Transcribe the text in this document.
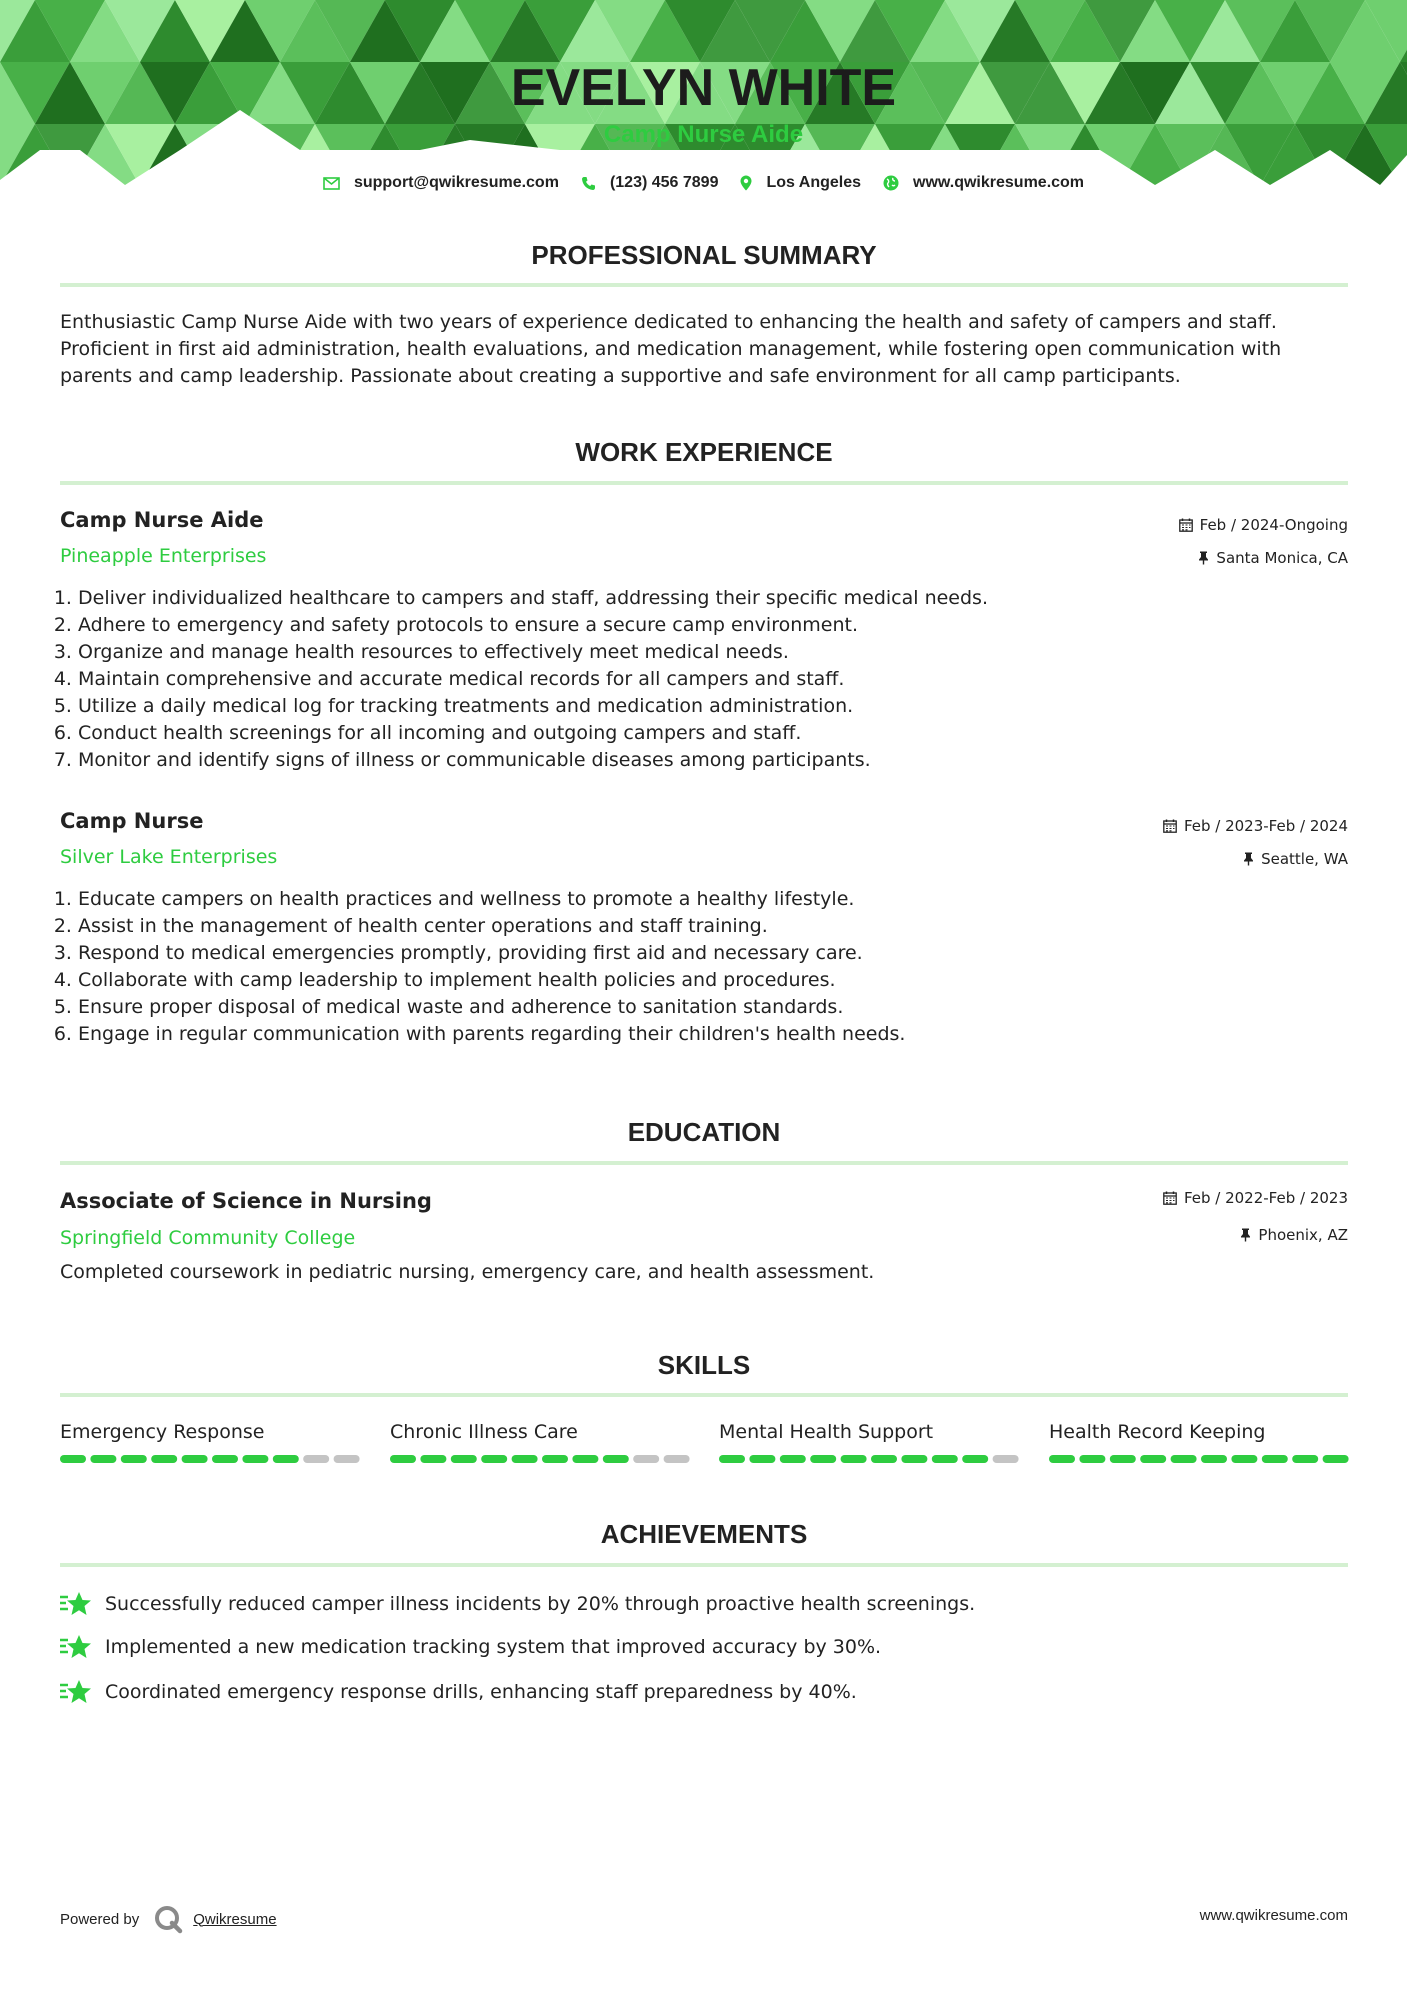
EVELYN WHITE
Camp Nurse Aide
support@qwikresume.com	(123) 456 7899	Los Angeles	www.qwikresume.com
PROFESSIONAL SUMMARY
Enthusiastic Camp Nurse Aide with two years of experience dedicated to enhancing the health and safety of campers and staff. Proficient in first aid administration, health evaluations, and medication management, while fostering open communication with parents and camp leadership. Passionate about creating a supportive and safe environment for all camp participants.
WORK EXPERIENCE
Camp Nurse Aide
Pineapple Enterprises
Feb / 2024-Ongoing
Santa Monica, CA
1. Deliver individualized healthcare to campers and staff, addressing their specific medical needs.
2. Adhere to emergency and safety protocols to ensure a secure camp environment.
3. Organize and manage health resources to effectively meet medical needs.
4. Maintain comprehensive and accurate medical records for all campers and staff.
5. Utilize a daily medical log for tracking treatments and medication administration.
6. Conduct health screenings for all incoming and outgoing campers and staff.
7. Monitor and identify signs of illness or communicable diseases among participants.
Camp Nurse
Silver Lake Enterprises
Feb / 2023-Feb / 2024
Seattle, WA
1. Educate campers on health practices and wellness to promote a healthy lifestyle.
2. Assist in the management of health center operations and staff training.
3. Respond to medical emergencies promptly, providing first aid and necessary care.
4. Collaborate with camp leadership to implement health policies and procedures.
5. Ensure proper disposal of medical waste and adherence to sanitation standards.
6. Engage in regular communication with parents regarding their children's health needs.
EDUCATION
Associate of Science in Nursing
Springfield Community College
Feb / 2022-Feb / 2023
Phoenix, AZ
Completed coursework in pediatric nursing, emergency care, and health assessment.
SKILLS
Emergency Response	Chronic Illness Care	Mental Health Support	Health Record Keeping
ACHIEVEMENTS
Successfully reduced camper illness incidents by 20% through proactive health screenings.
Implemented a new medication tracking system that improved accuracy by 30%.
Coordinated emergency response drills, enhancing staff preparedness by 40%.
Powered by	Qwikresume	www.qwikresume.com
